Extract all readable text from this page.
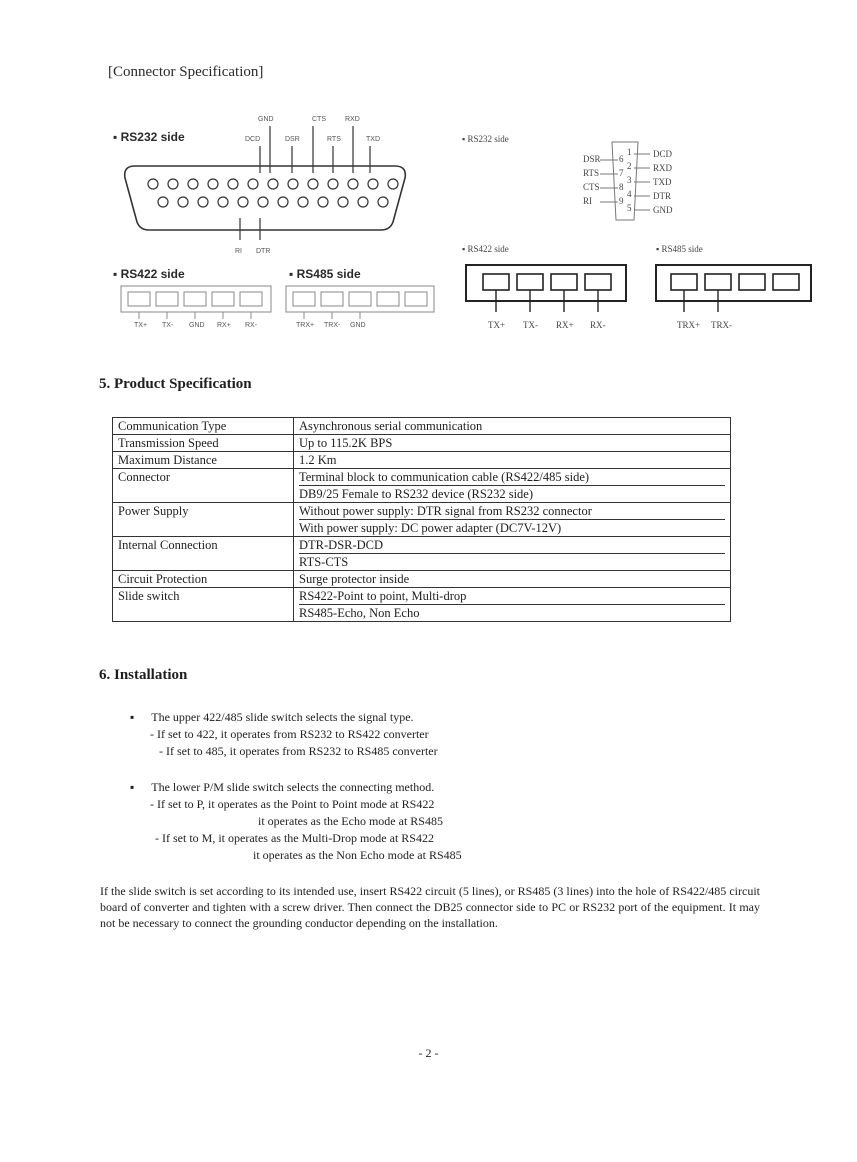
[Connector Specification]
▪ RS232 side
GND	CTS	RXD
DCD	DSR	RTS	TXD
RI DTR
▪ RS422 side
TX+ TX- GND RX+ RX-
▪ RS485 side
TRX+ TRX- GND
▪ RS232 side
DSR
RTS
CTS
RI
6
7
8
9
1
2
3
4
5
DCD
RXD
TXD
DTR
GND
▪ RS422 side
TX+ TX- RX+ RX-
▪ RS485 side
TRX+ TRX-
5. Product Specification
Communication Type	Asynchronous serial communication
Transmission Speed	Up to 115.2K BPS
Maximum Distance	1.2 Km
Connector	Terminal block to communication cable (RS422/485 side)
DB9/25 Female to RS232 device (RS232 side)

Power Supply	Without power supply: DTR signal from RS232 connector
With power supply: DC power adapter (DC7V-12V)

Internal Connection	DTR-DSR-DCD
RTS-CTS

Circuit Protection	Surge protector inside
Slide switch	RS422-Point to point, Multi-drop
RS485-Echo, Non Echo
6. Installation
▪ The upper 422/485 slide switch selects the signal type.
- If set to 422, it operates from RS232 to RS422 converter
- If set to 485, it operates from RS232 to RS485 converter
▪ The lower P/M slide switch selects the connecting method.
- If set to P, it operates as the Point to Point mode at RS422
it operates as the Echo mode at RS485
- If set to M, it operates as the Multi-Drop mode at RS422
it operates as the Non Echo mode at RS485
If the slide switch is set according to its intended use, insert RS422 circuit (5 lines), or RS485 (3 lines) into the hole of RS422/485 circuit board of converter and tighten with a screw driver. Then connect the DB25 connector side to PC or RS232 port of the equipment. It may not be necessary to connect the grounding conductor depending on the installation.
- 2 -
